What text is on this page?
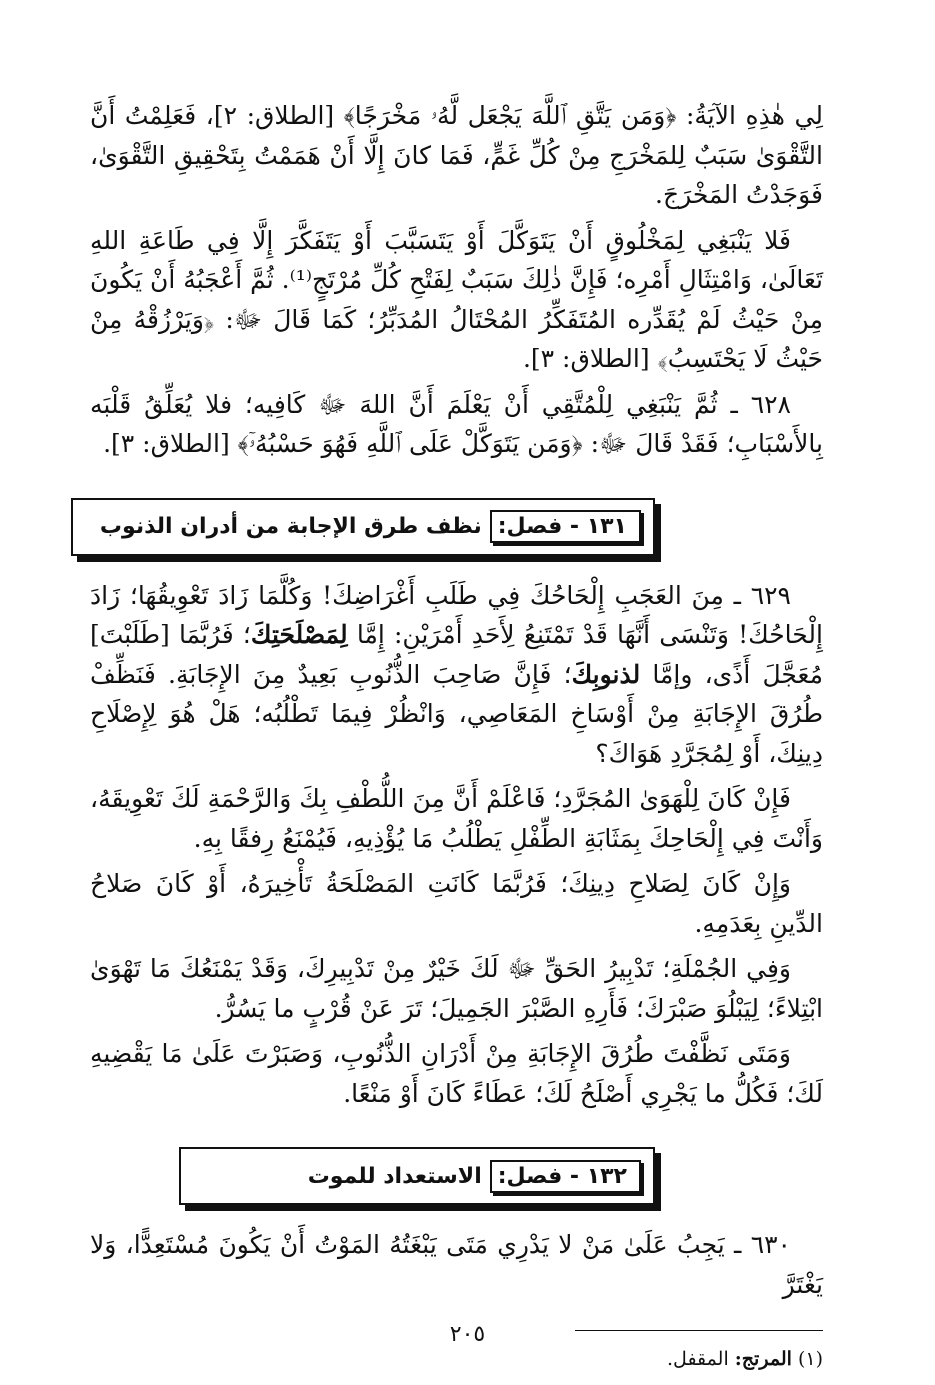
لِي هٰذِهِ الآيَةُ: ﴿وَمَن يَتَّقِ ٱللَّهَ يَجْعَل لَّهُۥ مَخْرَجًا﴾ [الطلاق: ٢]، فَعَلِمْتُ أَنَّ التَّقْوَىٰ سَبَبٌ لِلمَخْرَجِ مِنْ كُلِّ غَمٍّ، فَمَا كانَ إِلَّا أَنْ هَمَمْتُ بِتَحْقِيقِ التَّقْوَىٰ، فَوَجَدْتُ المَخْرَجَ.

فَلا يَنْبَغِي لِمَخْلُوقٍ أَنْ يَتَوَكَّلَ أَوْ يَتَسَبَّبَ أَوْ يَتَفَكَّرَ إِلَّا فِي طَاعَةِ اللهِ تَعَالَىٰ، وَامْتِثَالِ أَمْرِه؛ فَإِنَّ ذٰلِكَ سَبَبٌ لِفَتْحِ كُلِّ مُرْتَجٍ⁽¹⁾. ثُمَّ أَعْجَبُهُ أَنْ يَكُونَ مِنْ حَيْثُ لَمْ يُقَدِّره المُتَفَكِّرُ المُحْتَالُ المُدَبِّرُ؛ كَمَا قَالَ ﷻ: ﴿وَيَرْزُقْهُ مِنْ حَيْثُ لَا يَحْتَسِبُ﴾ [الطلاق: ٣].

٦٢٨ ـ ثُمَّ يَنْبَغِي لِلْمُتَّقِي أَنْ يَعْلَمَ أَنَّ اللهَ ﷻ كَافِيه؛ فلا يُعَلِّقُ قَلْبَه بِالأَسْبَابِ؛ فَقَدْ قَالَ ﷻ: ﴿وَمَن يَتَوَكَّلْ عَلَى ٱللَّهِ فَهُوَ حَسْبُهُۥٓ﴾ [الطلاق: ٣].

١٣١ - فصل:
نظف طرق الإجابة من أدران الذنوب

٦٢٩ ـ مِنَ العَجَبِ إِلْحَاحُكَ فِي طَلَبِ أَغْرَاضِكَ! وَكُلَّمَا زَادَ تَعْوِيقُهَا؛ زَادَ إِلْحَاحُكَ! وَتَنْسَى أَنَّهَا قَدْ تَمْتَنِعُ لِأَحَدِ أَمْرَيْنِ: إِمَّا لِمَصْلَحَتِكَ؛ فَرُبَّمَا [طَلَبْتَ] مُعَجَّلَ أَذًى، وإمَّا لذنوبِكَ؛ فَإِنَّ صَاحِبَ الذُّنُوبِ بَعِيدٌ مِنَ الإِجَابَةِ. فَنَظِّفْ طُرُقَ الإِجَابَةِ مِنْ أَوْسَاخِ المَعَاصِي، وَانْظُرْ فِيمَا تَطْلُبُه؛ هَلْ هُوَ لِإِصْلَاحِ دِينِكَ، أَوْ لِمُجَرَّدِ هَوَاكَ؟

فَإِنْ كَانَ لِلْهَوَىٰ المُجَرَّدِ؛ فَاعْلَمْ أَنَّ مِنَ اللُّطْفِ بِكَ وَالرَّحْمَةِ لَكَ تَعْوِيقَهُ، وَأَنْتَ فِي إِلْحَاحِكَ بِمَثَابَةِ الطِّفْلِ يَطْلُبُ مَا يُؤْذِيهِ، فَيُمْنَعُ رِفقًا بِهِ.

وَإِنْ كَانَ لِصَلاحِ دِينِكَ؛ فَرُبَّمَا كَانَتِ المَصْلَحَةُ تَأْخِيرَهُ، أَوْ كَانَ صَلاحُ الدِّينِ بِعَدَمِهِ.

وَفِي الجُمْلَةِ؛ تَدْبِيرُ الحَقِّ ﷻ لَكَ خَيْرٌ مِنْ تَدْبِيرِكَ، وَقَدْ يَمْنَعُكَ مَا تَهْوَىٰ ابْتِلاءً؛ لِيَبْلُوَ صَبْرَكَ؛ فَأَرِهِ الصَّبْرَ الجَمِيلَ؛ تَرَ عَنْ قُرْبٍ ما يَسُرُّ.

وَمَتَى نَظَّفْتَ طُرُقَ الإِجَابَةِ مِنْ أَدْرَانِ الذُّنُوبِ، وَصَبَرْتَ عَلَىٰ مَا يَقْضِيهِ لَكَ؛ فَكُلُّ ما يَجْرِي أَصْلَحُ لَكَ؛ عَطَاءً كَانَ أَوْ مَنْعًا.

١٣٢ - فصل:
الاستعداد للموت

٦٣٠ ـ يَجِبُ عَلَىٰ مَنْ لا يَدْرِي مَتَى يَبْغَتُهُ المَوْتُ أَنْ يَكُونَ مُسْتَعِدًّا، وَلا يَغْتَرَّ

(١) المرتج: المقفل.

٢٠٥
